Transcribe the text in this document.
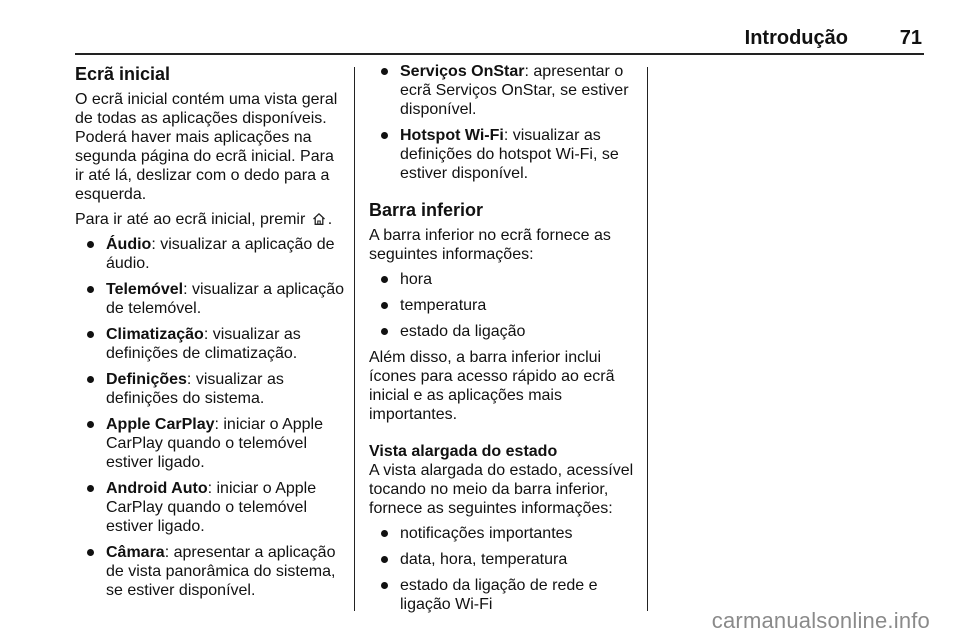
Introdução	71
Ecrã inicial

O ecrã inicial contém uma vista geral de todas as aplicações disponíveis. Poderá haver mais aplicações na segunda página do ecrã inicial. Para ir até lá, deslizar com o dedo para a esquerda.

Para ir até ao ecrã inicial, premir .

Áudio: visualizar a aplicação de áudio.
Telemóvel: visualizar a aplicação de telemóvel.
Climatização: visualizar as definições de climatização.
Definições: visualizar as definições do sistema.
Apple CarPlay: iniciar o Apple CarPlay quando o telemóvel estiver ligado.
Android Auto: iniciar o Apple CarPlay quando o telemóvel estiver ligado.
Câmara: apresentar a aplicação de vista panorâmica do sistema, se estiver disponível.
Serviços OnStar: apresentar o ecrã Serviços OnStar, se estiver disponível.
Hotspot Wi-Fi: visualizar as definições do hotspot Wi-Fi, se estiver disponível.
Barra inferior

A barra inferior no ecrã fornece as seguintes informações:

hora
temperatura
estado da ligação

Além disso, a barra inferior inclui ícones para acesso rápido ao ecrã inicial e as aplicações mais importantes.

Vista alargada do estado

A vista alargada do estado, acessível tocando no meio da barra inferior, fornece as seguintes informações:

notificações importantes
data, hora, temperatura
estado da ligação de rede e ligação Wi-Fi
carmanualsonline.info
